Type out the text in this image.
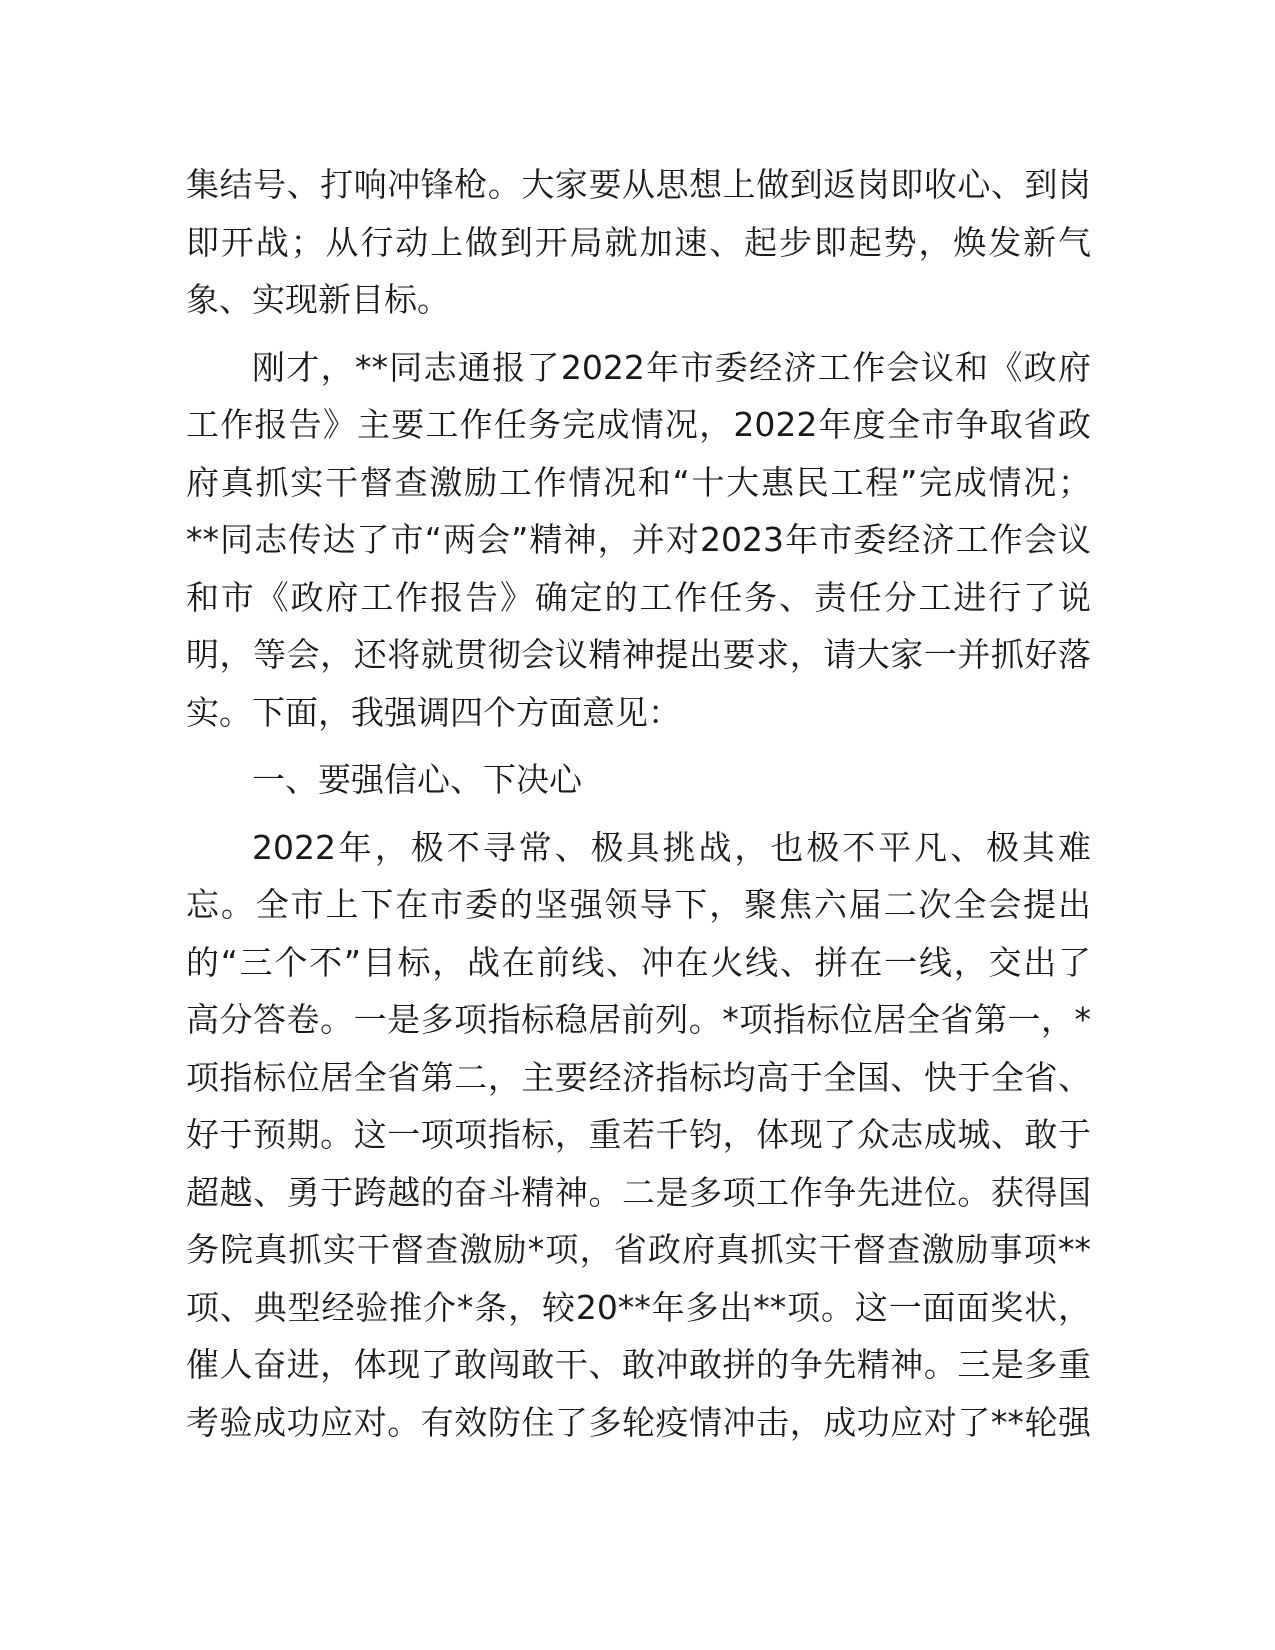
集结号、打响冲锋枪。大家要从思想上做到返岗即收心、到岗
即开战；从行动上做到开局就加速、起步即起势，焕发新气
象、实现新目标。
刚才，**同志通报了2022年市委经济工作会议和《政府
工作报告》主要工作任务完成情况，2022年度全市争取省政
府真抓实干督查激励工作情况和“十大惠民工程”完成情况；
**同志传达了市“两会”精神，并对2023年市委经济工作会议
和市《政府工作报告》确定的工作任务、责任分工进行了说
明，等会，还将就贯彻会议精神提出要求，请大家一并抓好落
实。下面，我强调四个方面意见：
一、要强信心、下决心
2022年，极不寻常、极具挑战，也极不平凡、极其难
忘。全市上下在市委的坚强领导下，聚焦六届二次全会提出
的“三个不”目标，战在前线、冲在火线、拼在一线，交出了
高分答卷。一是多项指标稳居前列。*项指标位居全省第一，*
项指标位居全省第二，主要经济指标均高于全国、快于全省、
好于预期。这一项项指标，重若千钧，体现了众志成城、敢于
超越、勇于跨越的奋斗精神。二是多项工作争先进位。获得国
务院真抓实干督查激励*项，省政府真抓实干督查激励事项**
项、典型经验推介*条，较20**年多出**项。这一面面奖状，
催人奋进，体现了敢闯敢干、敢冲敢拼的争先精神。三是多重
考验成功应对。有效防住了多轮疫情冲击，成功应对了**轮强
